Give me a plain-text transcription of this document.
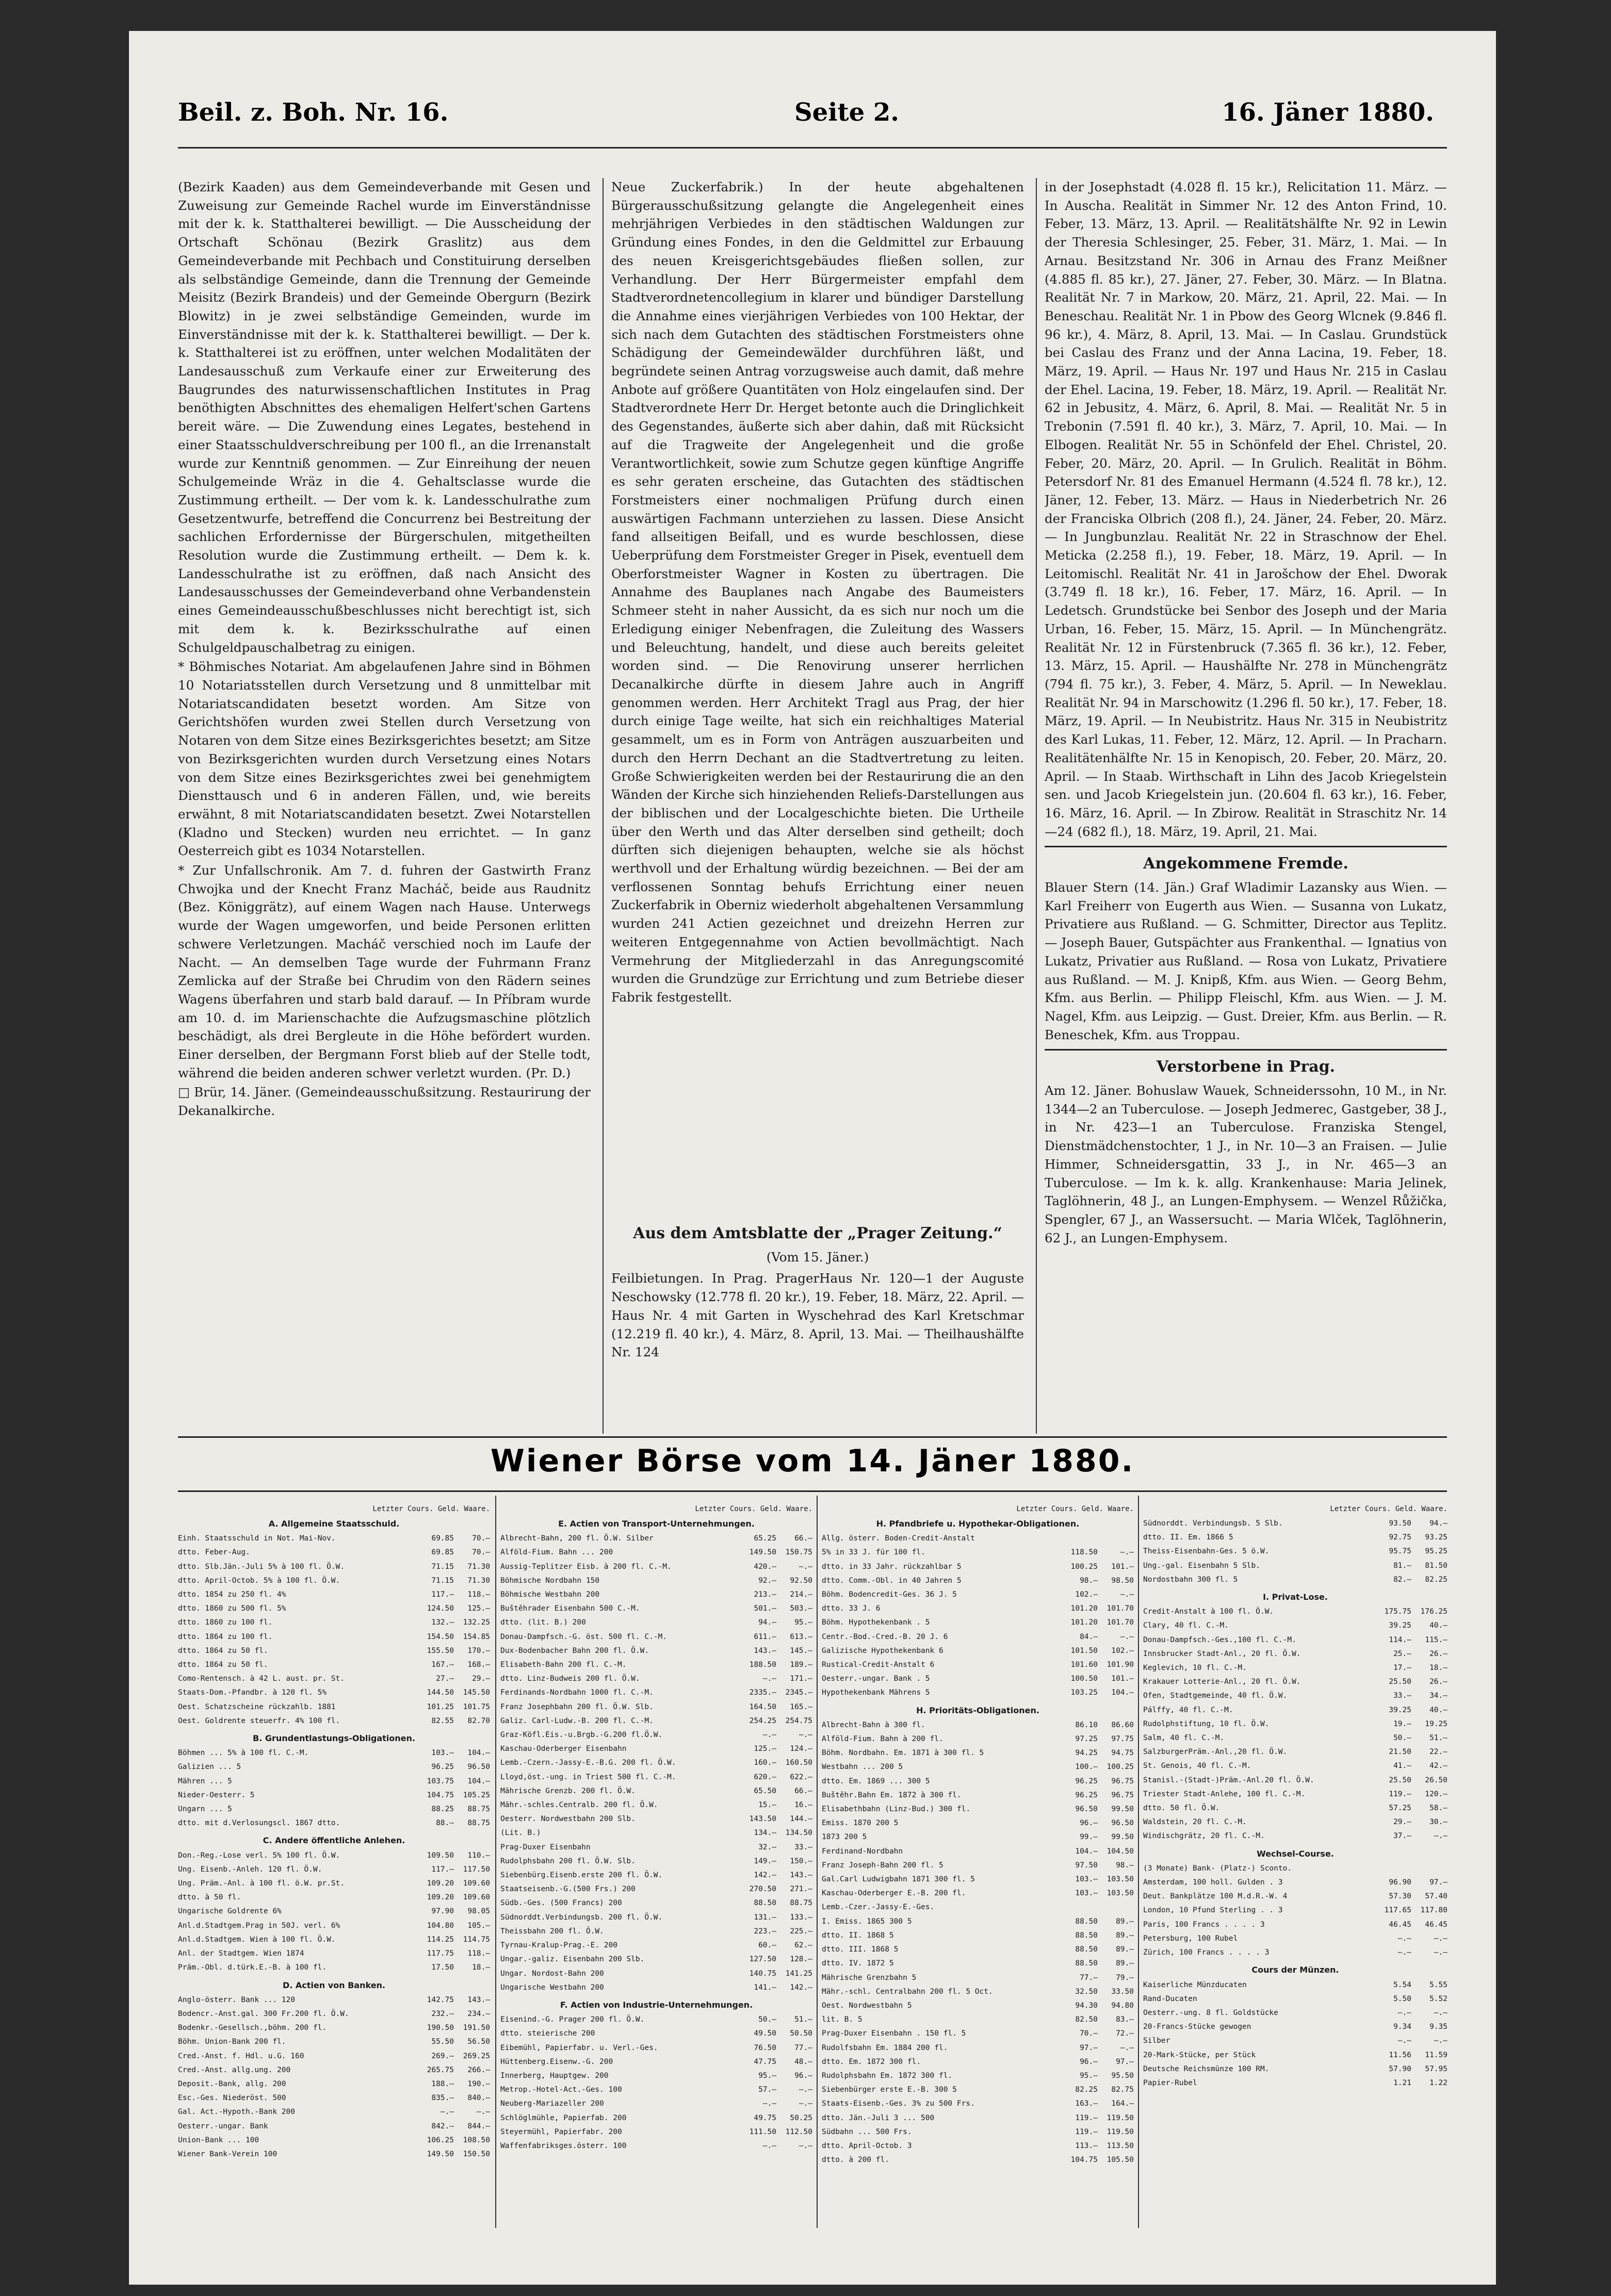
Beil. z. Boh. Nr. 16.	Seite 2.	16. Jäner 1880.

(Bezirk Kaaden) aus dem Gemeindeverbande mit Gesen und Zuweisung zur Gemeinde Rachel wurde im Einverständnisse mit der k. k. Statthalterei bewilligt. — Die Ausscheidung der Ortschaft Schönau (Bezirk Graslitz) aus dem Gemeindeverbande mit Pechbach und Constituirung derselben als selbständige Gemeinde, dann die Trennung der Gemeinde Meisitz (Bezirk Brandeis) und der Gemeinde Obergurn (Bezirk Blowitz) in je zwei selbständige Gemeinden, wurde im Einverständnisse mit der k. k. Statthalterei bewilligt. — Der k. k. Statthalterei ist zu eröffnen, unter welchen Modalitäten der Landesausschuß zum Verkaufe einer zur Erweiterung des Baugrundes des naturwissenschaftlichen Institutes in Prag benöthigten Abschnittes des ehemaligen Helfert'schen Gartens bereit wäre. — Die Zuwendung eines Legates, bestehend in einer Staatsschuldverschreibung per 100 fl., an die Irrenanstalt wurde zur Kenntniß genommen. — Zur Einreihung der neuen Schulgemeinde Wräz in die 4. Gehaltsclasse wurde die Zustimmung ertheilt. — Der vom k. k. Landesschulrathe zum Gesetzentwurfe, betreffend die Concurrenz bei Bestreitung der sachlichen Erfordernisse der Bürgerschulen, mitgetheilten Resolution wurde die Zustimmung ertheilt. — Dem k. k. Landesschulrathe ist zu eröffnen, daß nach Ansicht des Landesausschusses der Gemeindeverband ohne Verbandenstein eines Gemeindeausschußbeschlusses nicht berechtigt ist, sich mit dem k. k. Bezirksschulrathe auf einen Schulgeldpauschalbetrag zu einigen.

* Böhmisches Notariat. Am abgelaufenen Jahre sind in Böhmen 10 Notariatsstellen durch Versetzung und 8 unmittelbar mit Notariatscandidaten besetzt worden. Am Sitze von Gerichtshöfen wurden zwei Stellen durch Versetzung von Notaren von dem Sitze eines Bezirksgerichtes besetzt; am Sitze von Bezirksgerichten wurden durch Versetzung eines Notars von dem Sitze eines Bezirksgerichtes zwei bei genehmigtem Diensttausch und 6 in anderen Fällen, und, wie bereits erwähnt, 8 mit Notariatscandidaten besetzt. Zwei Notarstellen (Kladno und Stecken) wurden neu errichtet. — In ganz Oesterreich gibt es 1034 Notarstellen.

* Zur Unfallschronik. Am 7. d. fuhren der Gastwirth Franz Chwojka und der Knecht Franz Macháč, beide aus Raudnitz (Bez. Königgrätz), auf einem Wagen nach Hause. Unterwegs wurde der Wagen umgeworfen, und beide Personen erlitten schwere Verletzungen. Macháč verschied noch im Laufe der Nacht. — An demselben Tage wurde der Fuhrmann Franz Zemlicka auf der Straße bei Chrudim von den Rädern seines Wagens überfahren und starb bald darauf. — In Příbram wurde am 10. d. im Marienschachte die Aufzugsmaschine plötzlich beschädigt, als drei Bergleute in die Höhe befördert wurden. Einer derselben, der Bergmann Forst blieb auf der Stelle todt, während die beiden anderen schwer verletzt wurden. (Pr. D.)

□ Brür, 14. Jäner. (Gemeindeausschußsitzung. Restaurirung der Dekanalkirche.

Neue Zuckerfabrik.) In der heute abgehaltenen Bürgerausschußsitzung gelangte die Angelegenheit eines mehrjährigen Verbiedes in den städtischen Waldungen zur Gründung eines Fondes, in den die Geldmittel zur Erbauung des neuen Kreisgerichtsgebäudes fließen sollen, zur Verhandlung. Der Herr Bürgermeister empfahl dem Stadtverordnetencollegium in klarer und bündiger Darstellung die Annahme eines vierjährigen Verbiedes von 100 Hektar, der sich nach dem Gutachten des städtischen Forstmeisters ohne Schädigung der Gemeindewälder durchführen läßt, und begründete seinen Antrag vorzugsweise auch damit, daß mehre Anbote auf größere Quantitäten von Holz eingelaufen sind. Der Stadtverordnete Herr Dr. Herget betonte auch die Dringlichkeit des Gegenstandes, äußerte sich aber dahin, daß mit Rücksicht auf die Tragweite der Angelegenheit und die große Verantwortlichkeit, sowie zum Schutze gegen künftige Angriffe es sehr geraten erscheine, das Gutachten des städtischen Forstmeisters einer nochmaligen Prüfung durch einen auswärtigen Fachmann unterziehen zu lassen. Diese Ansicht fand allseitigen Beifall, und es wurde beschlossen, diese Ueberprüfung dem Forstmeister Greger in Pisek, eventuell dem Oberforstmeister Wagner in Kosten zu übertragen. Die Annahme des Bauplanes nach Angabe des Baumeisters Schmeer steht in naher Aussicht, da es sich nur noch um die Erledigung einiger Nebenfragen, die Zuleitung des Wassers und Beleuchtung, handelt, und diese auch bereits geleitet worden sind. — Die Renovirung unserer herrlichen Decanalkirche dürfte in diesem Jahre auch in Angriff genommen werden. Herr Architekt Tragl aus Prag, der hier durch einige Tage weilte, hat sich ein reichhaltiges Material gesammelt, um es in Form von Anträgen auszuarbeiten und durch den Herrn Dechant an die Stadtvertretung zu leiten. Große Schwierigkeiten werden bei der Restaurirung die an den Wänden der Kirche sich hinziehenden Reliefs-Darstellungen aus der biblischen und der Localgeschichte bieten. Die Urtheile über den Werth und das Alter derselben sind getheilt; doch dürften sich diejenigen behaupten, welche sie als höchst werthvoll und der Erhaltung würdig bezeichnen. — Bei der am verflossenen Sonntag behufs Errichtung einer neuen Zuckerfabrik in Oberniz wiederholt abgehaltenen Versammlung wurden 241 Actien gezeichnet und dreizehn Herren zur weiteren Entgegennahme von Actien bevollmächtigt. Nach Vermehrung der Mitgliederzahl in das Anregungscomité wurden die Grundzüge zur Errichtung und zum Betriebe dieser Fabrik festgestellt.

Aus dem Amtsblatte der „Prager Zeitung.“
(Vom 15. Jäner.)

Feilbietungen. In Prag. PragerHaus Nr. 120—1 der Auguste Neschowsky (12.778 fl. 20 kr.), 19. Feber, 18. März, 22. April. — Haus Nr. 4 mit Garten in Wyschehrad des Karl Kretschmar (12.219 fl. 40 kr.), 4. März, 8. April, 13. Mai. — Theilhaushälfte Nr. 124

in der Josephstadt (4.028 fl. 15 kr.), Relicitation 11. März. — In Auscha. Realität in Simmer Nr. 12 des Anton Frind, 10. Feber, 13. März, 13. April. — Realitätshälfte Nr. 92 in Lewin der Theresia Schlesinger, 25. Feber, 31. März, 1. Mai. — In Arnau. Besitzstand Nr. 306 in Arnau des Franz Meißner (4.885 fl. 85 kr.), 27. Jäner, 27. Feber, 30. März. — In Blatna. Realität Nr. 7 in Markow, 20. März, 21. April, 22. Mai. — In Beneschau. Realität Nr. 1 in Pbow des Georg Wlcnek (9.846 fl. 96 kr.), 4. März, 8. April, 13. Mai. — In Caslau. Grundstück bei Caslau des Franz und der Anna Lacina, 19. Feber, 18. März, 19. April. — Haus Nr. 197 und Haus Nr. 215 in Caslau der Ehel. Lacina, 19. Feber, 18. März, 19. April. — Realität Nr. 62 in Jebusitz, 4. März, 6. April, 8. Mai. — Realität Nr. 5 in Trebonin (7.591 fl. 40 kr.), 3. März, 7. April, 10. Mai. — In Elbogen. Realität Nr. 55 in Schönfeld der Ehel. Christel, 20. Feber, 20. März, 20. April. — In Grulich. Realität in Böhm. Petersdorf Nr. 81 des Emanuel Hermann (4.524 fl. 78 kr.), 12. Jäner, 12. Feber, 13. März. — Haus in Niederbetrich Nr. 26 der Franciska Olbrich (208 fl.), 24. Jäner, 24. Feber, 20. März. — In Jungbunzlau. Realität Nr. 22 in Straschnow der Ehel. Meticka (2.258 fl.), 19. Feber, 18. März, 19. April. — In Leitomischl. Realität Nr. 41 in Jarošchow der Ehel. Dworak (3.749 fl. 18 kr.), 16. Feber, 17. März, 16. April. — In Ledetsch. Grundstücke bei Senbor des Joseph und der Maria Urban, 16. Feber, 15. März, 15. April. — In Münchengrätz. Realität Nr. 12 in Fürstenbruck (7.365 fl. 36 kr.), 12. Feber, 13. März, 15. April. — Haushälfte Nr. 278 in Münchengrätz (794 fl. 75 kr.), 3. Feber, 4. März, 5. April. — In Neweklau. Realität Nr. 94 in Marschowitz (1.296 fl. 50 kr.), 17. Feber, 18. März, 19. April. — In Neubistritz. Haus Nr. 315 in Neubistritz des Karl Lukas, 11. Feber, 12. März, 12. April. — In Pracharn. Realitätenhälfte Nr. 15 in Kenopisch, 20. Feber, 20. März, 20. April. — In Staab. Wirthschaft in Lihn des Jacob Kriegelstein sen. und Jacob Kriegelstein jun. (20.604 fl. 63 kr.), 16. Feber, 16. März, 16. April. — In Zbirow. Realität in Straschitz Nr. 14—24 (682 fl.), 18. März, 19. April, 21. Mai.

Angekommene Fremde.

Blauer Stern (14. Jän.) Graf Wladimir Lazansky aus Wien. — Karl Freiherr von Eugerth aus Wien. — Susanna von Lukatz, Privatiere aus Rußland. — G. Schmitter, Director aus Teplitz. — Joseph Bauer, Gutspächter aus Frankenthal. — Ignatius von Lukatz, Privatier aus Rußland. — Rosa von Lukatz, Privatiere aus Rußland. — M. J. Knipß, Kfm. aus Wien. — Georg Behm, Kfm. aus Berlin. — Philipp Fleischl, Kfm. aus Wien. — J. M. Nagel, Kfm. aus Leipzig. — Gust. Dreier, Kfm. aus Berlin. — R. Beneschek, Kfm. aus Troppau.

Verstorbene in Prag.

Am 12. Jäner. Bohuslaw Wauek, Schneiderssohn, 10 M., in Nr. 1344—2 an Tuberculose. — Joseph Jedmerec, Gastgeber, 38 J., in Nr. 423—1 an Tuberculose. Franziska Stengel, Dienstmädchenstochter, 1 J., in Nr. 10—3 an Fraisen. — Julie Himmer, Schneidersgattin, 33 J., in Nr. 465—3 an Tuberculose. — Im k. k. allg. Krankenhause: Maria Jelinek, Taglöhnerin, 48 J., an Lungen-Emphysem. — Wenzel Růžička, Spengler, 67 J., an Wassersucht. — Maria Wlček, Taglöhnerin, 62 J., an Lungen-Emphysem.

Wiener Börse vom 14. Jäner 1880.
Letzter Cours. Geld. Waare.
A. Allgemeine Staatsschuld.
Einh. Staatsschuld in Not. Mai-Nov.	69.85	70.—
dtto. Feber-Aug.	69.85	70.—
dtto. Slb.Jän.-Juli 5% à 100 fl. Ö.W.	71.15	71.30
dtto. April-Octob. 5% à 100 fl. Ö.W.	71.15	71.30
dtto. 1854 zu 250 fl. 4%	117.—	118.—
dtto. 1860 zu 500 fl. 5%	124.50	125.—
dtto. 1860 zu 100 fl.	132.—	132.25
dtto. 1864 zu 100 fl.	154.50	154.85
dtto. 1864 zu 50 fl.	155.50	170.—
dtto. 1864 zu 50 fl.	167.—	168.—
Como-Rentensch. à 42 L. aust. pr. St.	27.—	29.—
Staats-Dom.-Pfandbr. à 120 fl. 5%	144.50	145.50
Oest. Schatzscheine rückzahlb. 1881	101.25	101.75
Oest. Goldrente steuerfr. 4% 100 fl.	82.55	82.70
B. Grundentlastungs-Obligationen.
Böhmen ... 5% à 100 fl. C.-M.	103.—	104.—
Galizien ... 5	96.25	96.50
Mähren ... 5	103.75	104.—
Nieder-Oesterr. 5	104.75	105.25
Ungarn ... 5	88.25	88.75
dtto. mit d.Verlosungscl. 1867 dtto.	88.—	88.75
C. Andere öffentliche Anlehen.
Don.-Reg.-Lose verl. 5% 100 fl. Ö.W.	109.50	110.—
Ung. Eisenb.-Anleh. 120 fl. Ö.W.	117.—	117.50
Ung. Präm.-Anl. à 100 fl. ö.W. pr.St.	109.20	109.60
dtto. à 50 fl.	109.20	109.60
Ungarische Goldrente 6%	97.90	98.05
Anl.d.Stadtgem.Prag in 50J. verl. 6%	104.80	105.—
Anl.d.Stadtgem. Wien à 100 fl. Ö.W.	114.25	114.75
Anl. der Stadtgem. Wien 1874	117.75	118.—
Präm.-Obl. d.türk.E.-B. à 100 fl.	17.50	18.—
D. Actien von Banken.
Anglo-österr. Bank ... 120	142.75	143.—
Bodencr.-Anst.gal. 300 Fr.200 fl. Ö.W.	232.—	234.—
Bodenkr.-Gesellsch.,böhm. 200 fl.	190.50	191.50
Böhm. Union-Bank 200 fl.	55.50	56.50
Cred.-Anst. f. Hdl. u.G. 160	269.—	269.25
Cred.-Anst. allg.ung. 200	265.75	266.—
Deposit.-Bank, allg. 200	188.—	190.—
Esc.-Ges. Niederöst. 500	835.—	840.—
Gal. Act.-Hypoth.-Bank 200	—.—	—.—
Oesterr.-ungar. Bank	842.—	844.—
Union-Bank ... 100	106.25	108.50
Wiener Bank-Verein 100	149.50	150.50
Letzter Cours. Geld. Waare.
E. Actien von Transport-Unternehmungen.
Albrecht-Bahn, 200 fl. Ö.W. Silber	65.25	66.—
Alföld-Fium. Bahn ... 200	149.50	150.75
Aussig-Teplitzer Eisb. à 200 fl. C.-M.	420.—	—.—
Böhmische Nordbahn 150	92.—	92.50
Böhmische Westbahn 200	213.—	214.—
Buštěhrader Eisenbahn 500 C.-M.	501.—	503.—
dtto. (lit. B.) 200	94.—	95.—
Donau-Dampfsch.-G. öst. 500 fl. C.-M.	611.—	613.—
Dux-Bodenbacher Bahn 200 fl. Ö.W.	143.—	145.—
Elisabeth-Bahn 200 fl. C.-M.	188.50	189.—
dtto. Linz-Budweis 200 fl. Ö.W.	—.—	171.—
Ferdinands-Nordbahn 1000 fl. C.-M.	2335.—	2345.—
Franz Josephbahn 200 fl. Ö.W. Slb.	164.50	165.—
Galiz. Carl-Ludw.-B. 200 fl. C.-M.	254.25	254.75
Graz-Köfl.Eis.-u.Brgb.-G.200 fl.Ö.W.	—.—	—.—
Kaschau-Oderberger Eisenbahn	125.—	124.—
Lemb.-Czern.-Jassy-E.-B.G. 200 fl. Ö.W.	160.—	160.50
Lloyd,öst.-ung. in Triest 500 fl. C.-M.	620.—	622.—
Mährische Grenzb. 200 fl. Ö.W.	65.50	66.—
Mähr.-schles.Centralb. 200 fl. Ö.W.	15.—	16.—
Oesterr. Nordwestbahn 200 Slb.	143.50	144.—
(Lit. B.)	134.—	134.50
Prag-Duxer Eisenbahn	32.—	33.—
Rudolphsbahn 200 fl. Ö.W. Slb.	149.—	150.—
Siebenbürg.Eisenb.erste 200 fl. Ö.W.	142.—	143.—
Staatseisenb.-G.(500 Frs.) 200	270.50	271.—
Südb.-Ges. (500 Francs) 200	88.50	88.75
Südnorddt.Verbindungsb. 200 fl. Ö.W.	131.—	133.—
Theissbahn 200 fl. Ö.W.	223.—	225.—
Tyrnau-Kralup-Prag.-E. 200	60.—	62.—
Ungar.-galiz. Eisenbahn 200 Slb.	127.50	128.—
Ungar. Nordost-Bahn 200	140.75	141.25
Ungarische Westbahn 200	141.—	142.—
F. Actien von Industrie-Unternehmungen.
Eisenind.-G. Prager 200 fl. Ö.W.	50.—	51.—
dtto. steierische 200	49.50	50.50
Eibemühl, Papierfabr. u. Verl.-Ges.	76.50	77.—
Hüttenberg.Eisenw.-G. 200	47.75	48.—
Innerberg, Hauptgew. 200	95.—	96.—
Metrop.-Hotel-Act.-Ges. 100	57.—	—.—
Neuberg-Mariazeller 200	—.—	—.—
Schlöglmühle, Papierfab. 200	49.75	50.25
Steyermühl, Papierfabr. 200	111.50	112.50
Waffenfabriksges.österr. 100	—.—	—.—
Letzter Cours. Geld. Waare.
H. Pfandbriefe u. Hypothekar-Obligationen.
Allg. österr. Boden-Credit-Anstalt
5% in 33 J. für 100 fl.	118.50	—.—
dtto. in 33 Jahr. rückzahlbar 5	100.25	101.—
dtto. Comm.-Obl. in 40 Jahren 5	98.—	98.50
Böhm. Bodencredit-Ges. 36 J. 5	102.—	—.—
dtto. 33 J. 6	101.20	101.70
Böhm. Hypothekenbank . 5	101.20	101.70
Centr.-Bod.-Cred.-B. 20 J. 6	84.—	—.—
Galizische Hypothekenbank 6	101.50	102.—
Rustical-Credit-Anstalt 6	101.60	101.90
Oesterr.-ungar. Bank . 5	100.50	101.—
Hypothekenbank Mährens 5	103.25	104.—
H. Prioritäts-Obligationen.
Albrecht-Bahn à 300 fl.	86.10	86.60
Alföld-Fium. Bahn à 200 fl.	97.25	97.75
Böhm. Nordbahn. Em. 1871 à 300 fl. 5	94.25	94.75
Westbahn ... 200 5	100.—	100.25
dtto. Em. 1869 ... 300 5	96.25	96.75
Buštěhr.Bahn Em. 1872 à 300 fl.	96.25	96.75
Elisabethbahn (Linz-Bud.) 300 fl.	96.50	99.50
Emiss. 1870 200 5	96.—	96.50
1873 200 5	99.—	99.50
Ferdinand-Nordbahn	104.—	104.50
Franz Joseph-Bahn 200 fl. 5	97.50	98.—
Gal.Carl Ludwigbahn 1871 300 fl. 5	103.—	103.50
Kaschau-Oderberger E.-B. 200 fl.	103.—	103.50
Lemb.-Czer.-Jassy-E.-Ges.
I. Emiss. 1865 300 5	88.50	89.—
dtto. II. 1868 5	88.50	89.—
dtto. III. 1868 5	88.50	89.—
dtto. IV. 1872 5	88.50	89.—
Mährische Grenzbahn 5	77.—	79.—
Mähr.-schl. Centralbahn 200 fl. 5 Oct.	32.50	33.50
Oest. Nordwestbahn 5	94.30	94.80
lit. B. 5	82.50	83.—
Prag-Duxer Eisenbahn . 150 fl. 5	70.—	72.—
Rudolfsbahn Em. 1884 200 fl.	97.—	—.—
dtto. Em. 1872 300 fl.	96.—	97.—
Rudolphsbahn Em. 1872 300 fl.	95.—	95.50
Siebenbürger erste E.-B. 300 5	82.25	82.75
Staats-Eisenb.-Ges. 3% zu 500 Frs.	163.—	164.—
dtto. Jän.-Juli 3 ... 500	119.—	119.50
Südbahn ... 500 Frs.	119.—	119.50
dtto. April-Octob. 3	113.—	113.50
dtto. à 200 fl.	104.75	105.50
Letzter Cours. Geld. Waare.
Südnorddt. Verbindungsb. 5 Slb.	93.50	94.—
dtto. II. Em. 1866 5	92.75	93.25
Theiss-Eisenbahn-Ges. 5 ö.W.	95.75	95.25
Ung.-gal. Eisenbahn 5 Slb.	81.—	81.50
Nordostbahn 300 fl. 5	82.—	82.25
I. Privat-Lose.
Credit-Anstalt à 100 fl. Ö.W.	175.75	176.25
Clary, 40 fl. C.-M.	39.25	40.—
Donau-Dampfsch.-Ges.,100 fl. C.-M.	114.—	115.—
Innsbrucker Stadt-Anl., 20 fl. Ö.W.	25.—	26.—
Keglevich, 10 fl. C.-M.	17.—	18.—
Krakauer Lotterie-Anl., 20 fl. Ö.W.	25.50	26.—
Ofen, Stadtgemeinde, 40 fl. Ö.W.	33.—	34.—
Pálffy, 40 fl. C.-M.	39.25	40.—
Rudolphstiftung, 10 fl. Ö.W.	19.—	19.25
Salm, 40 fl. C.-M.	50.—	51.—
SalzburgerPräm.-Anl.,20 fl. Ö.W.	21.50	22.—
St. Genois, 40 fl. C.-M.	41.—	42.—
Stanisl.-(Stadt-)Präm.-Anl.20 fl. Ö.W.	25.50	26.50
Triester Stadt-Anlehe, 100 fl. C.-M.	119.—	120.—
dtto. 50 fl. Ö.W.	57.25	58.—
Waldstein, 20 fl. C.-M.	29.—	30.—
Windischgrätz, 20 fl. C.-M.	37.—	—.—
Wechsel-Course.
(3 Monate) Bank- (Platz-) Sconto.
Amsterdam, 100 holl. Gulden . 3	96.90	97.—
Deut. Bankplätze 100 M.d.R.-W. 4	57.30	57.40
London, 10 Pfund Sterling . . 3	117.65	117.80
Paris, 100 Francs . . . . 3	46.45	46.45
Petersburg, 100 Rubel	—.—	—.—
Zürich, 100 Francs . . . . 3	—.—	—.—
Cours der Münzen.
Kaiserliche Münzducaten	5.54	5.55
Rand-Ducaten	5.50	5.52
Oesterr.-ung. 8 fl. Goldstücke	—.—	—.—
20-Francs-Stücke gewogen	9.34	9.35
Silber	—.—	—.—
20-Mark-Stücke, per Stück	11.56	11.59
Deutsche Reichsmünze 100 RM.	57.90	57.95
Papier-Rubel	1.21	1.22
